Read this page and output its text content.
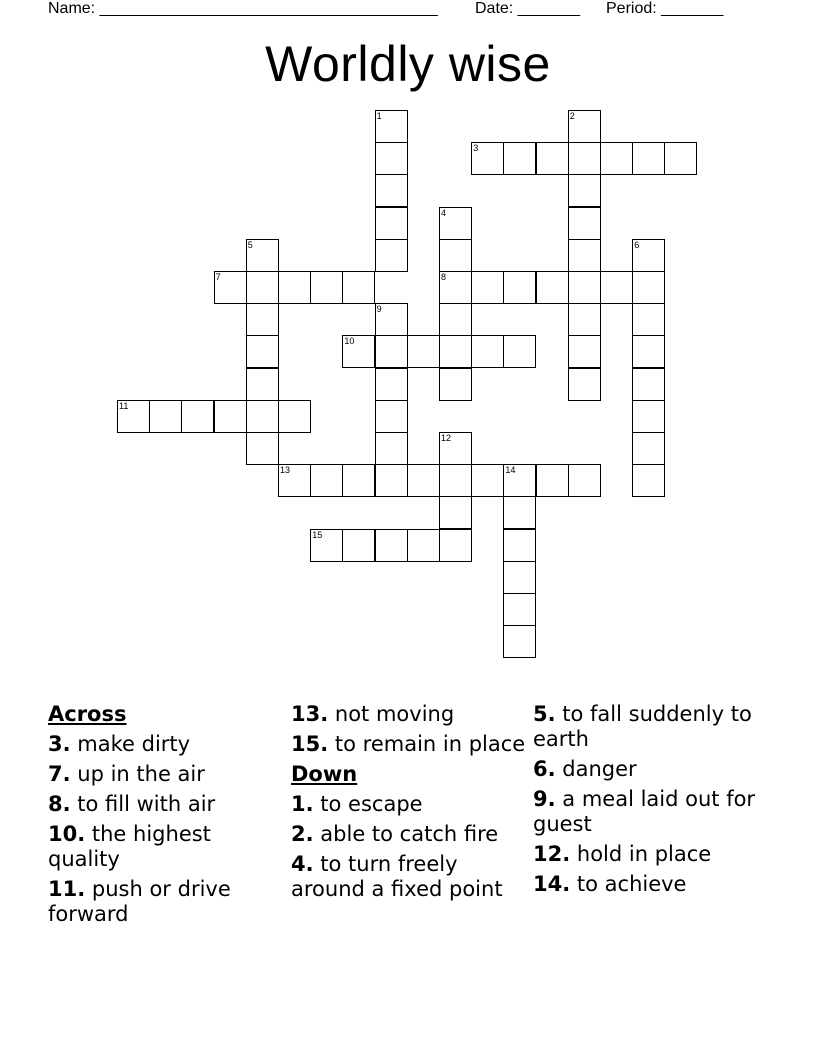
Name: ______________________________________ Date: _______ Period: _______
Worldly wise
1	2
3
4
8
5	6
7
9
10
11
12
13	14
15
Across
3. make dirty
7. up in the air
8. to fill with air
10. the highest quality
11. push or drive forward
13. not moving
15. to remain in place
Down
1. to escape
2. able to catch fire
4. to turn freely around a fixed point
5. to fall suddenly to earth
6. danger
9. a meal laid out for guest
12. hold in place
14. to achieve
